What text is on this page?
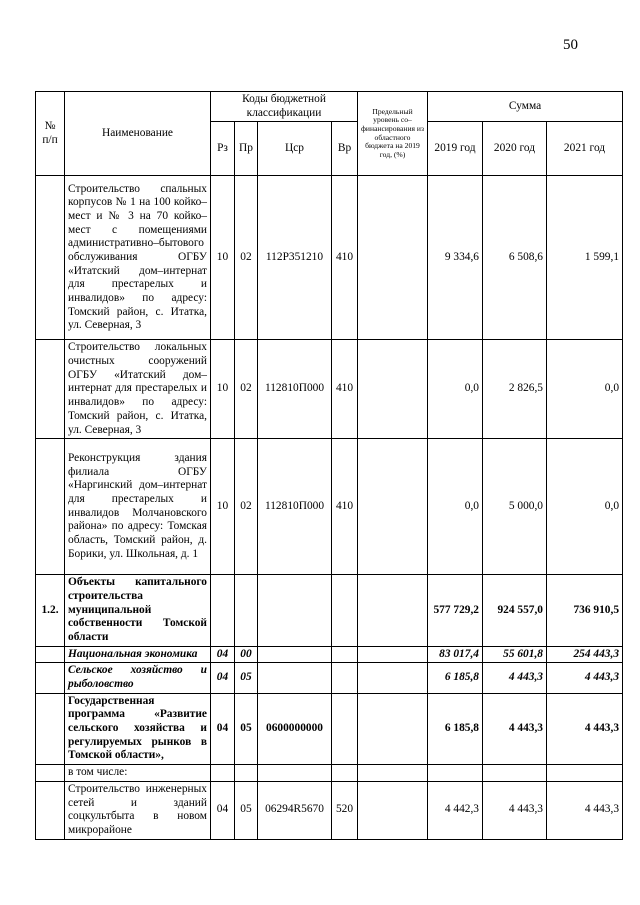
50
№ п/п	Наименование	Коды бюджетной классификации				Предельный уровень со–финансирования из областного бюджета на 2019 год, (%)	Сумма		
		Рз	Пр	Цср	Вр		2019 год	2020 год	2021 год
	Строительство спальных корпусов № 1 на 100 койко–мест и № 3 на 70 койко–мест с помещениями административно–бытового обслуживания ОГБУ «Итатский дом–интернат для престарелых и инвалидов» по адресу: Томский район, с. Итатка, ул. Северная, 3	10	02	112Р351210	410		9 334,6	6 508,6	1 599,1
	Строительство локальных очистных сооружений ОГБУ «Итатский дом–интернат для престарелых и инвалидов» по адресу: Томский район, с. Итатка, ул. Северная, 3	10	02	112810П000	410		0,0	2 826,5	0,0
	Реконструкция здания филиала ОГБУ «Наргинский дом–интернат для престарелых и инвалидов Молчановского района» по адресу: Томская область, Томский район, д. Борики, ул. Школьная, д. 1	10	02	112810П000	410		0,0	5 000,0	0,0
1.2.	Объекты капитального строительства муниципальной собственности Томской области						577 729,2	924 557,0	736 910,5
	Национальная экономика	04	00				83 017,4	55 601,8	254 443,3
	Сельское хозяйство и рыболовство	04	05				6 185,8	4 443,3	4 443,3
	Государственная программа «Развитие сельского хозяйства и регулируемых рынков в Томской области»,	04	05	0600000000			6 185,8	4 443,3	4 443,3
	в том числе:								
	Строительство инженерных сетей и зданий соцкультбыта в новом микрорайоне	04	05	06294R5670	520		4 442,3	4 443,3	4 443,3
